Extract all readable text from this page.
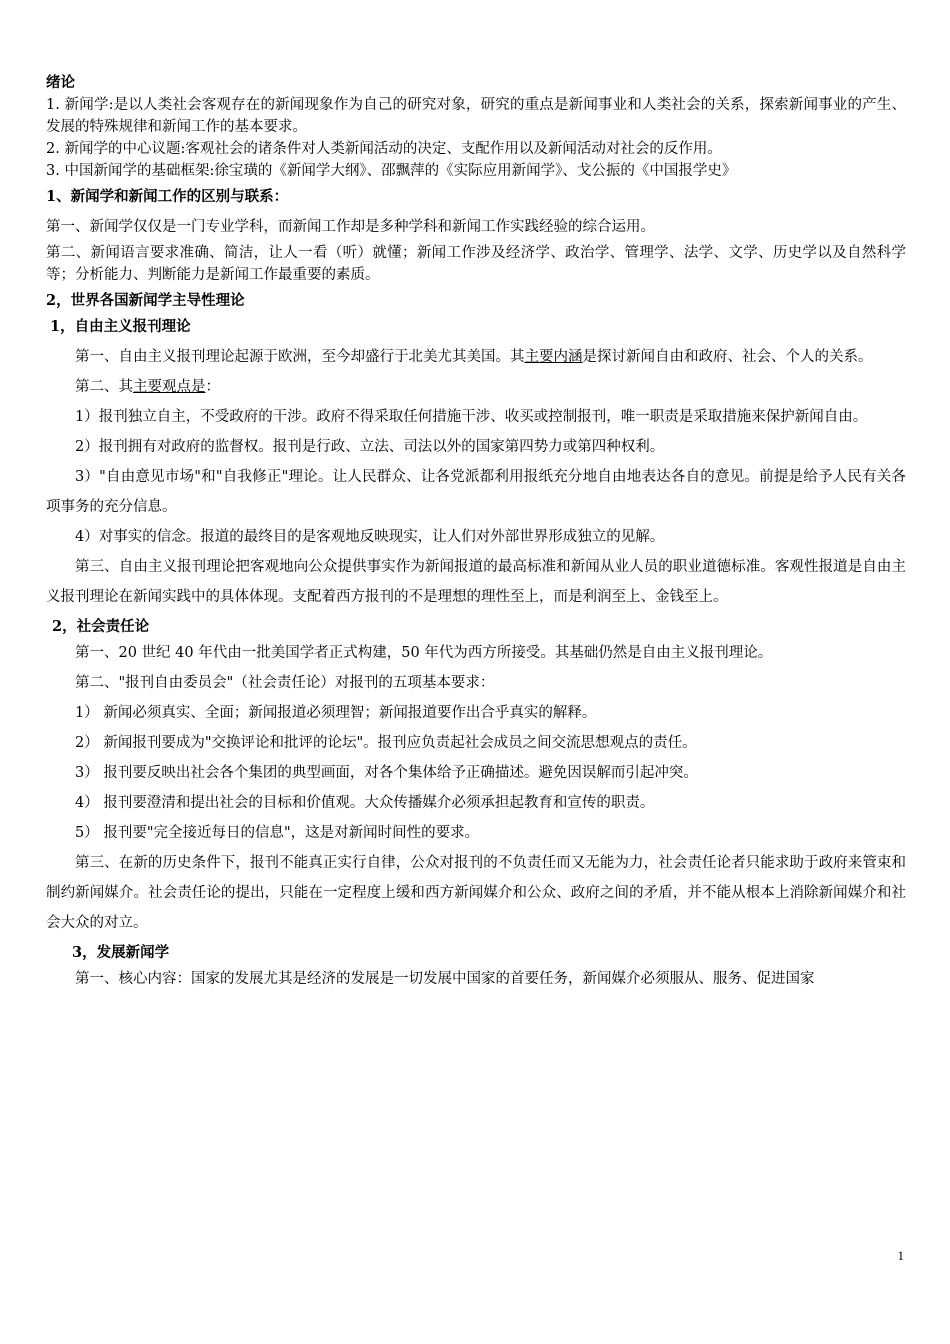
绪论

1. 新闻学:是以人类社会客观存在的新闻现象作为自己的研究对象，研究的重点是新闻事业和人类社会的关系，探索新闻事业的产生、发展的特殊规律和新闻工作的基本要求。

2. 新闻学的中心议题:客观社会的诸条件对人类新闻活动的决定、支配作用以及新闻活动对社会的反作用。

3. 中国新闻学的基础框架:徐宝璜的《新闻学大纲》、邵飘萍的《实际应用新闻学》、戈公振的《中国报学史》

1、新闻学和新闻工作的区别与联系：

第一、新闻学仅仅是一门专业学科，而新闻工作却是多种学科和新闻工作实践经验的综合运用。

第二、新闻语言要求准确、简洁，让人一看（听）就懂；新闻工作涉及经济学、政治学、管理学、法学、文学、历史学以及自然科学等；分析能力、判断能力是新闻工作最重要的素质。

2，世界各国新闻学主导性理论

1，自由主义报刊理论

第一、自由主义报刊理论起源于欧洲，至今却盛行于北美尤其美国。其主要内涵是探讨新闻自由和政府、社会、个人的关系。

第二、其主要观点是：

1）报刊独立自主，不受政府的干涉。政府不得采取任何措施干涉、收买或控制报刊，唯一职责是采取措施来保护新闻自由。

2）报刊拥有对政府的监督权。报刊是行政、立法、司法以外的国家第四势力或第四种权利。

3）"自由意见市场"和"自我修正"理论。让人民群众、让各党派都利用报纸充分地自由地表达各自的意见。前提是给予人民有关各项事务的充分信息。

4）对事实的信念。报道的最终目的是客观地反映现实，让人们对外部世界形成独立的见解。

第三、自由主义报刊理论把客观地向公众提供事实作为新闻报道的最高标准和新闻从业人员的职业道德标准。客观性报道是自由主义报刊理论在新闻实践中的具体体现。支配着西方报刊的不是理想的理性至上，而是利润至上、金钱至上。

2，社会责任论

第一、20 世纪 40 年代由一批美国学者正式构建，50 年代为西方所接受。其基础仍然是自由主义报刊理论。

第二、"报刊自由委员会"（社会责任论）对报刊的五项基本要求：

1） 新闻必须真实、全面；新闻报道必须理智；新闻报道要作出合乎真实的解释。

2） 新闻报刊要成为"交换评论和批评的论坛"。报刊应负责起社会成员之间交流思想观点的责任。

3） 报刊要反映出社会各个集团的典型画面，对各个集体给予正确描述。避免因误解而引起冲突。

4） 报刊要澄清和提出社会的目标和价值观。大众传播媒介必须承担起教育和宣传的职责。

5） 报刊要"完全接近每日的信息"，这是对新闻时间性的要求。

第三、在新的历史条件下，报刊不能真正实行自律，公众对报刊的不负责任而又无能为力，社会责任论者只能求助于政府来管束和制约新闻媒介。社会责任论的提出，只能在一定程度上缓和西方新闻媒介和公众、政府之间的矛盾，并不能从根本上消除新闻媒介和社会大众的对立。

3，发展新闻学

第一、核心内容：国家的发展尤其是经济的发展是一切发展中国家的首要任务，新闻媒介必须服从、服务、促进国家

1
